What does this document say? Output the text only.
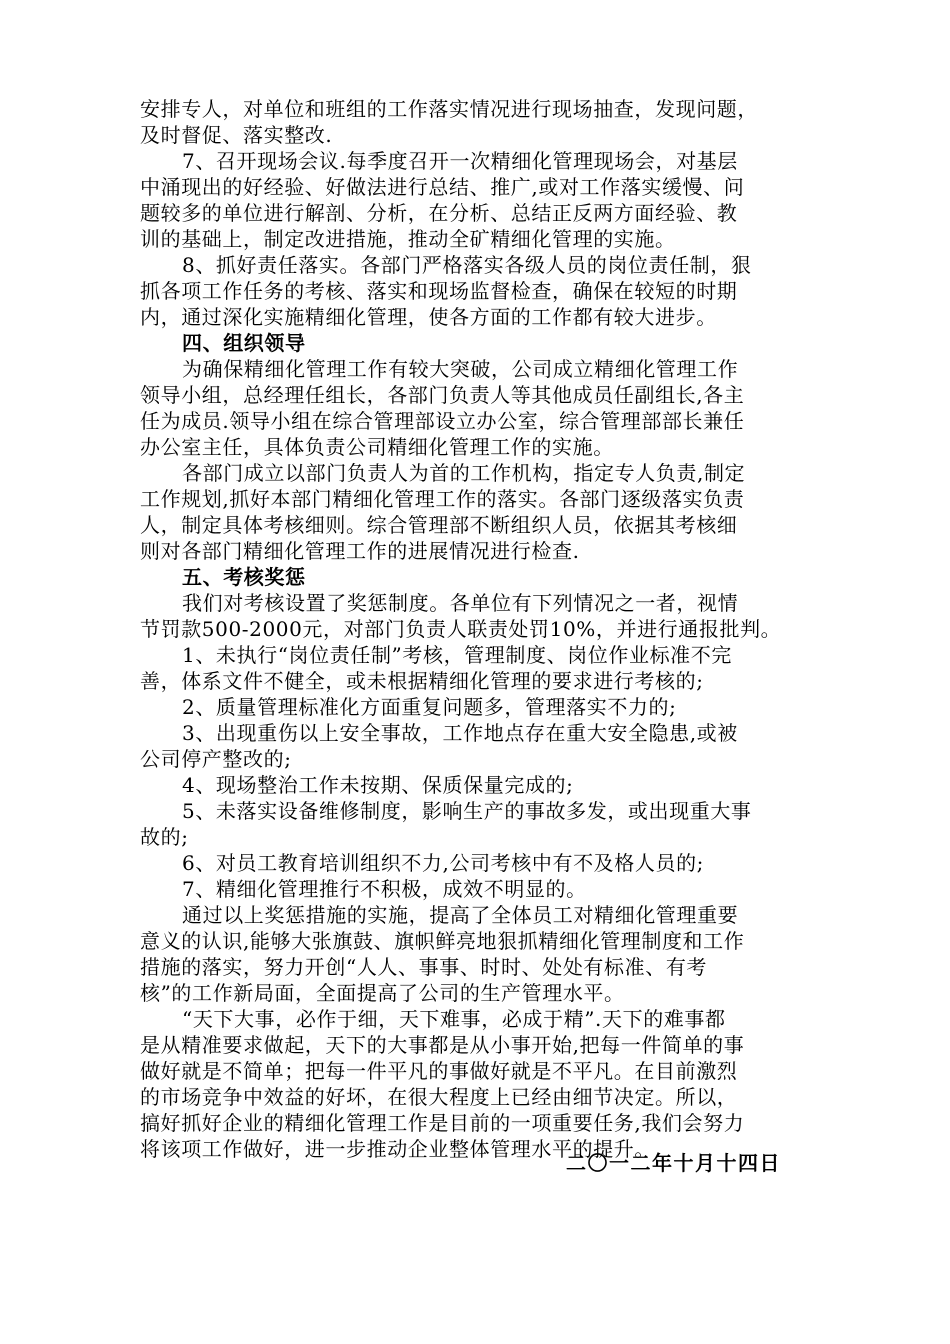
安排专人，对单位和班组的工作落实情况进行现场抽查，发现问题，
及时督促、落实整改.
7、召开现场会议.每季度召开一次精细化管理现场会，对基层
中涌现出的好经验、好做法进行总结、推广,或对工作落实缓慢、问
题较多的单位进行解剖、分析，在分析、总结正反两方面经验、教
训的基础上，制定改进措施，推动全矿精细化管理的实施。
8、抓好责任落实。各部门严格落实各级人员的岗位责任制，狠
抓各项工作任务的考核、落实和现场监督检查，确保在较短的时期
内，通过深化实施精细化管理，使各方面的工作都有较大进步。
四、组织领导
为确保精细化管理工作有较大突破，公司成立精细化管理工作
领导小组，总经理任组长，各部门负责人等其他成员任副组长,各主
任为成员.领导小组在综合管理部设立办公室，综合管理部部长兼任
办公室主任，具体负责公司精细化管理工作的实施。
各部门成立以部门负责人为首的工作机构，指定专人负责,制定
工作规划,抓好本部门精细化管理工作的落实。各部门逐级落实负责
人，制定具体考核细则。综合管理部不断组织人员，依据其考核细
则对各部门精细化管理工作的进展情况进行检查.
五、考核奖惩
我们对考核设置了奖惩制度。各单位有下列情况之一者，视情
节罚款500-2000元，对部门负责人联责处罚10%，并进行通报批判。
1、未执行“岗位责任制”考核，管理制度、岗位作业标准不完
善，体系文件不健全，或未根据精细化管理的要求进行考核的;
2、质量管理标准化方面重复问题多，管理落实不力的;
3、出现重伤以上安全事故，工作地点存在重大安全隐患,或被
公司停产整改的;
4、现场整治工作未按期、保质保量完成的;
5、未落实设备维修制度，影响生产的事故多发，或出现重大事
故的;
6、对员工教育培训组织不力,公司考核中有不及格人员的;
7、精细化管理推行不积极，成效不明显的。
通过以上奖惩措施的实施，提高了全体员工对精细化管理重要
意义的认识,能够大张旗鼓、旗帜鲜亮地狠抓精细化管理制度和工作
措施的落实，努力开创“人人、事事、时时、处处有标准、有考
核”的工作新局面，全面提高了公司的生产管理水平。
“天下大事，必作于细，天下难事，必成于精”.天下的难事都
是从精准要求做起，天下的大事都是从小事开始,把每一件简单的事
做好就是不简单；把每一件平凡的事做好就是不平凡。在目前激烈
的市场竞争中效益的好坏，在很大程度上已经由细节决定。所以，
搞好抓好企业的精细化管理工作是目前的一项重要任务,我们会努力
将该项工作做好，进一步推动企业整体管理水平的提升。
二〇一二年十月十四日
